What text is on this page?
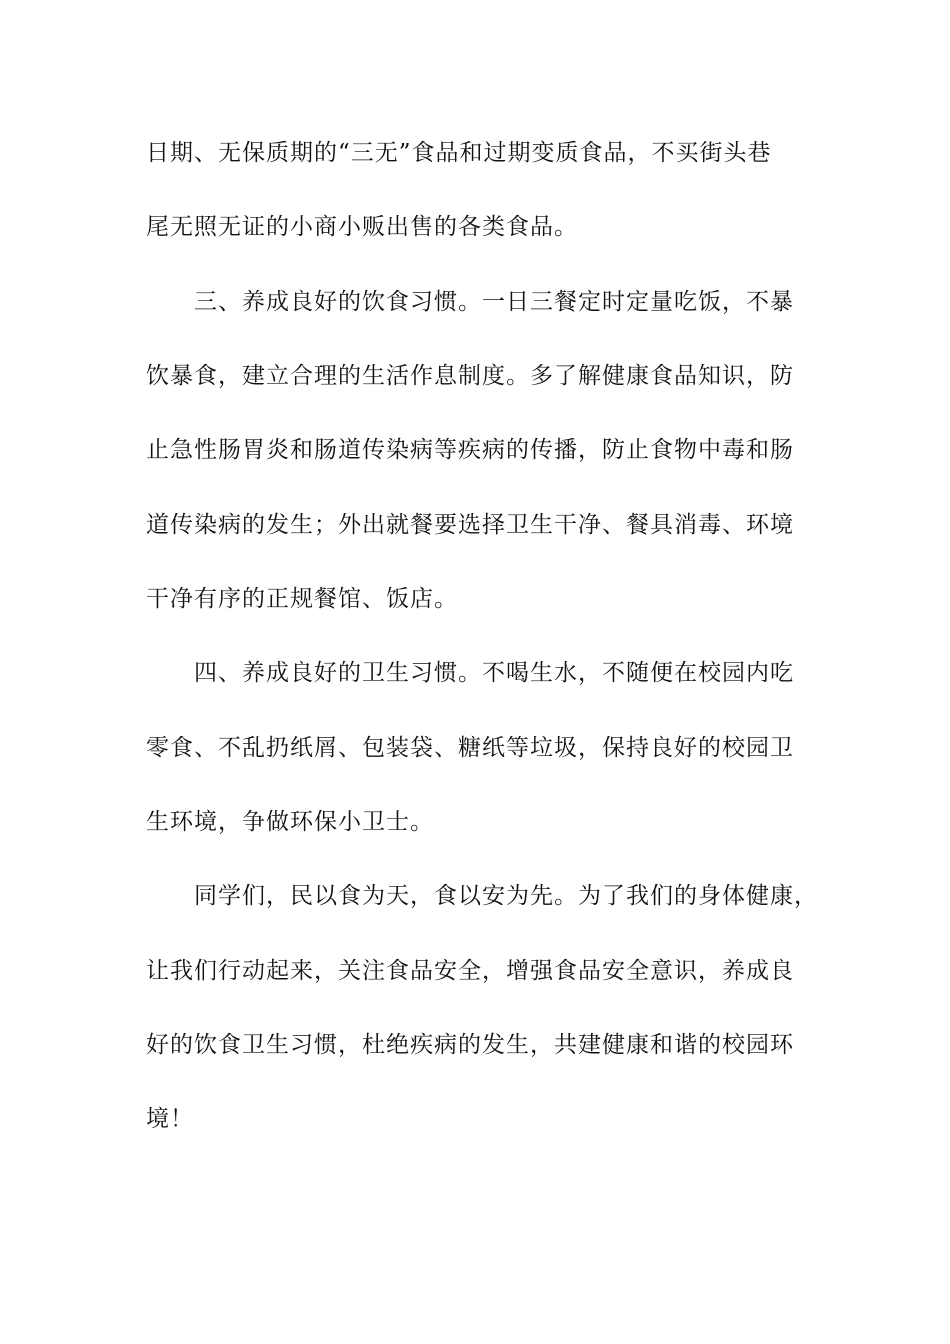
日期、无保质期的“三无”食品和过期变质食品，不买街头巷
尾无照无证的小商小贩出售的各类食品。
三、养成良好的饮食习惯。一日三餐定时定量吃饭，不暴
饮暴食，建立合理的生活作息制度。多了解健康食品知识，防
止急性肠胃炎和肠道传染病等疾病的传播，防止食物中毒和肠
道传染病的发生；外出就餐要选择卫生干净、餐具消毒、环境
干净有序的正规餐馆、饭店。
四、养成良好的卫生习惯。不喝生水，不随便在校园内吃
零食、不乱扔纸屑、包装袋、糖纸等垃圾，保持良好的校园卫
生环境，争做环保小卫士。
同学们，民以食为天，食以安为先。为了我们的身体健康，
让我们行动起来，关注食品安全，增强食品安全意识，养成良
好的饮食卫生习惯，杜绝疾病的发生，共建健康和谐的校园环
境！
